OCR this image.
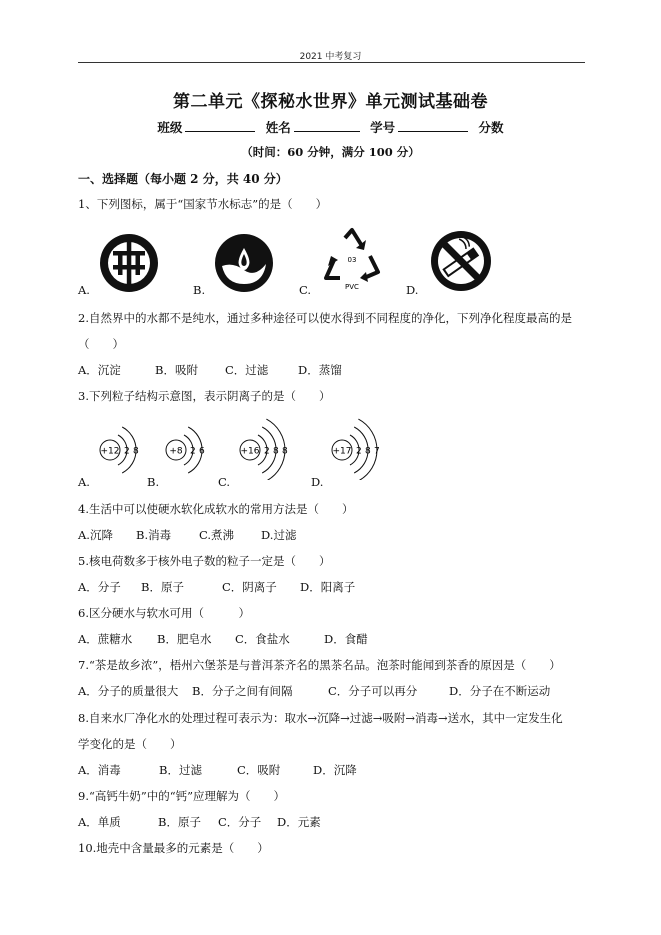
2021 中考复习
第二单元《探秘水世界》单元测试基础卷
班级	姓名	学号	分数
（时间：60 分钟，满分 100 分）
一、选择题（每小题 2 分，共 40 分）
1、下列图标，属于“国家节水标志”的是（　　）
03
PVC
A.	B.	C.	D.
2.自然界中的水都不是纯水，通过多种途径可以使水得到不同程度的净化，下列净化程度最高的是
（　　）
A．沉淀	B．吸附 C．过滤	D．蒸馏
3.下列粒子结构示意图，表示阴离子的是（　　）
+12 2 8	+8 2 6	+16 2 8 8	+17 2 8 7
A.	B.	C.	D.
4.生活中可以使硬水软化成软水的常用方法是（　　）
A.沉降 B.消毒 C.煮沸 D.过滤
5.核电荷数多于核外电子数的粒子一定是（　　）
A．分子 B．原子	C．阴离子 D．阳离子
6.区分硬水与软水可用（　　　）
A．蔗糖水 B．肥皂水 C．食盐水	D．食醋
7.“茶是故乡浓”，梧州六堡茶是与普洱茶齐名的黑茶名品。泡茶时能闻到茶香的原因是（　　）
A．分子的质量很大 B．分子之间有间隔	C．分子可以再分	D．分子在不断运动
8.自来水厂净化水的处理过程可表示为：取水→沉降→过滤→吸附→消毒→送水，其中一定发生化
学变化的是（　　）
A．消毒	B．过滤	C．吸附	D．沉降
9.“高钙牛奶”中的“钙”应理解为（　　）
A．单质	B．原子 C．分子 D．元素
10.地壳中含量最多的元素是（　　）
